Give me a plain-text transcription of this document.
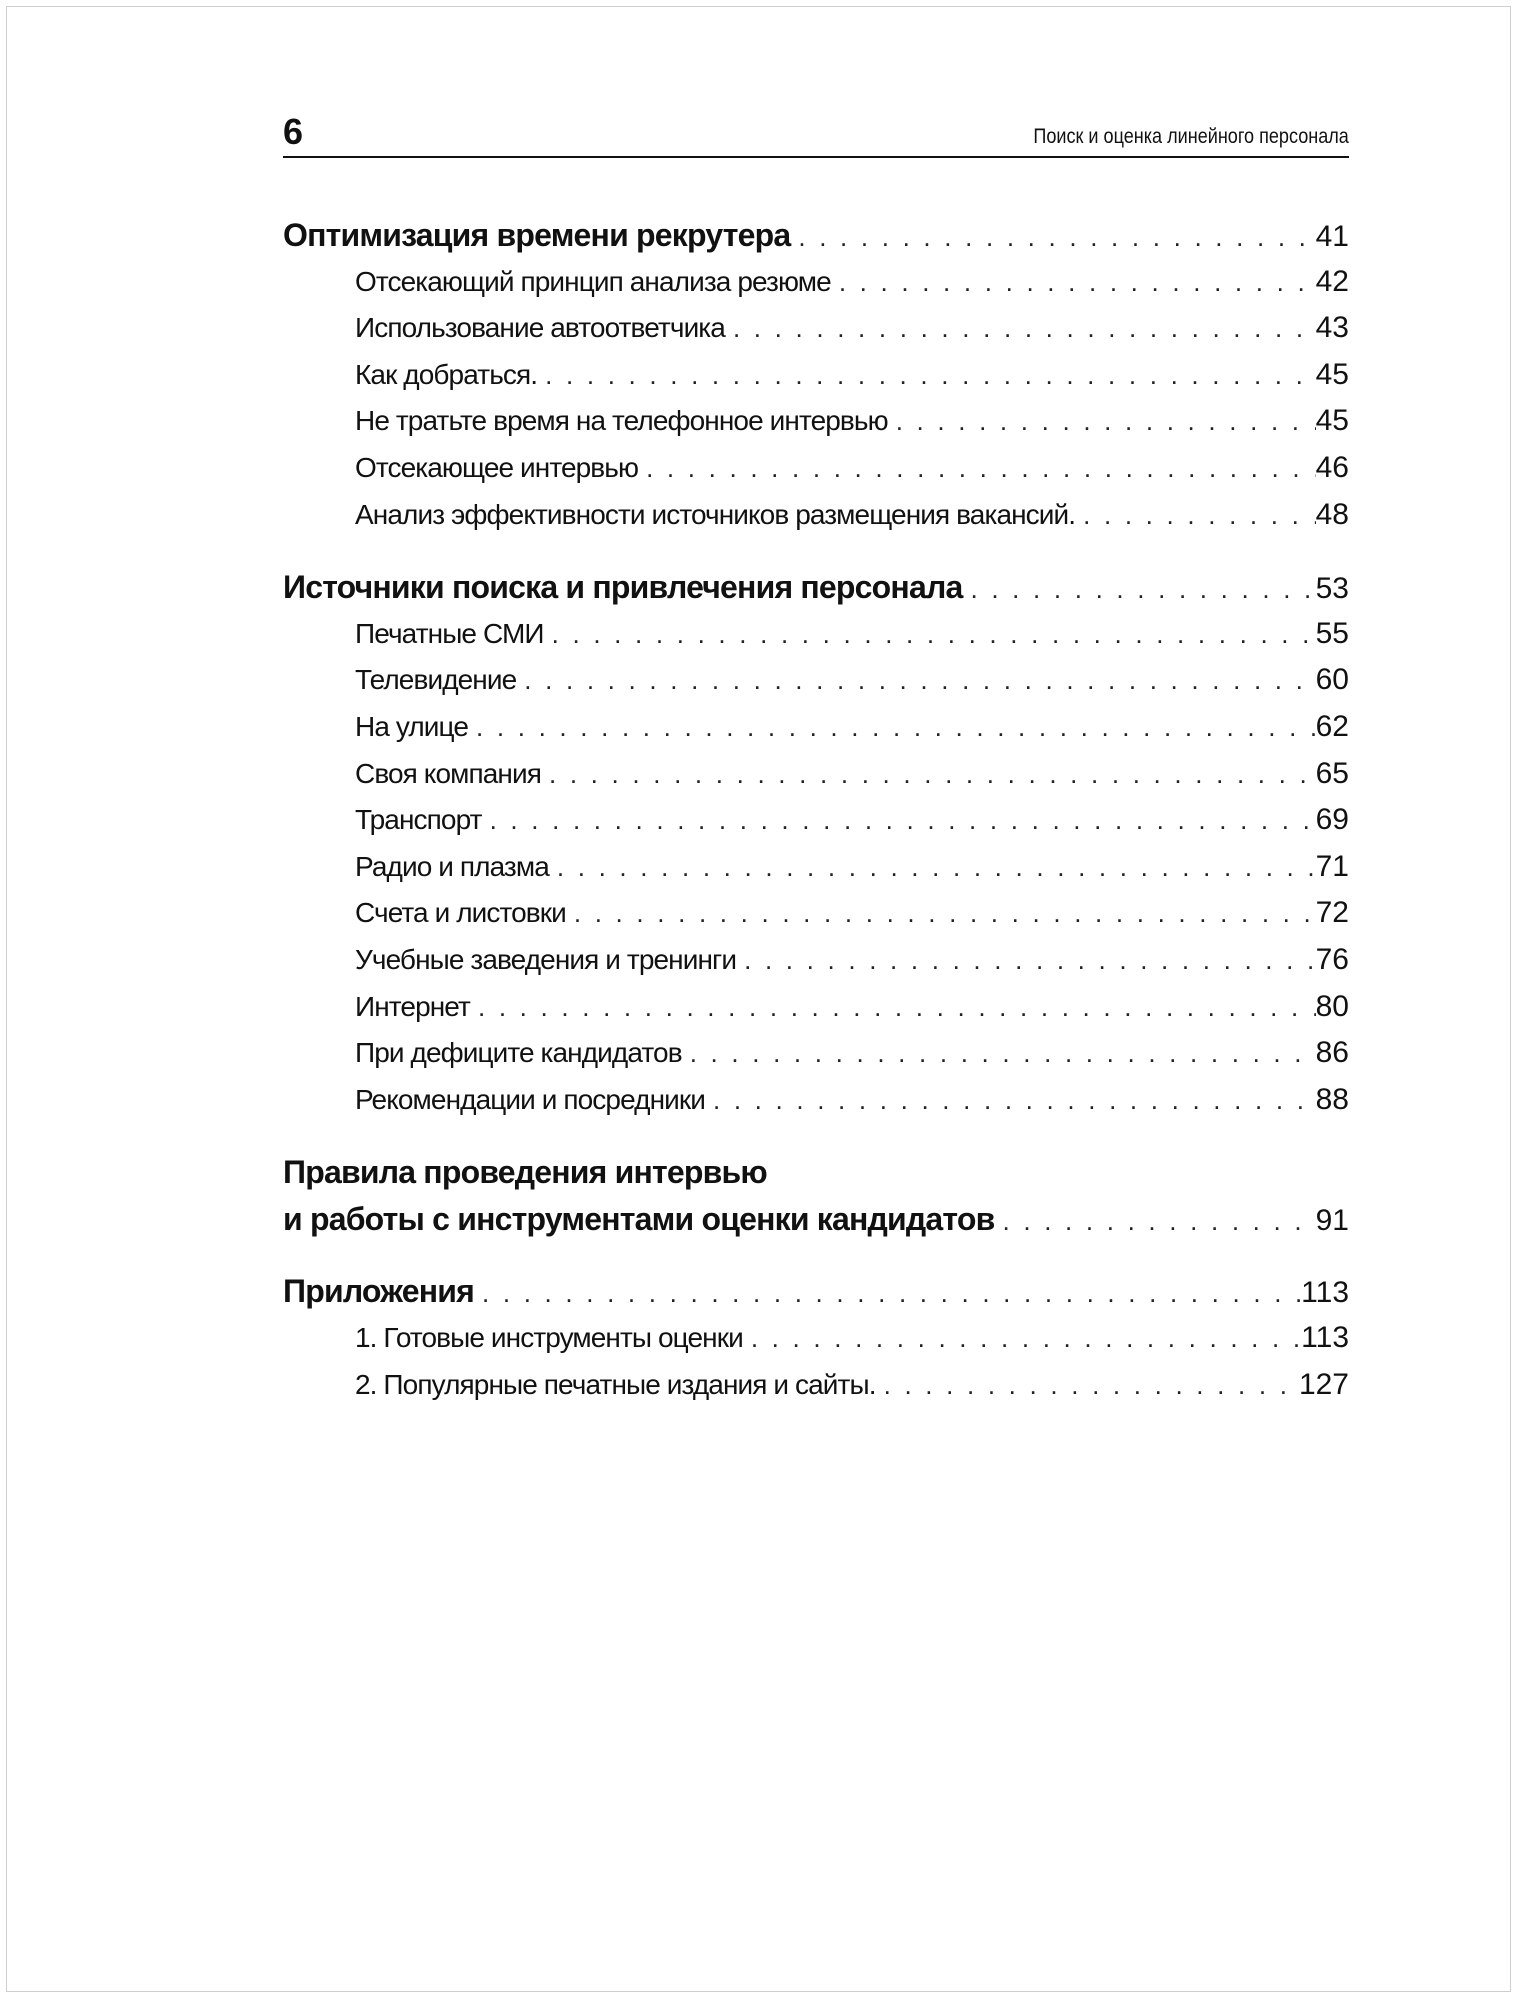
6	Поиск и оценка линейного персонала
Оптимизация времени рекрутера . . .	41
Отсекающий принцип анализа резюме . . .	42
Использование автоответчика . . .	43
Как добраться. . . .	45
Не тратьте время на телефонное интервью . . .	45
Отсекающее интервью . . .	46
Анализ эффективности источников размещения вакансий. . . .	48
Источники поиска и привлечения персонала . . .	53
Печатные СМИ . . .	55
Телевидение . . .	60
На улице . . .	62
Своя компания . . .	65
Транспорт . . .	69
Радио и плазма . . .	71
Счета и листовки . . .	72
Учебные заведения и тренинги . . .	76
Интернет . . .	80
При дефиците кандидатов . . .	86
Рекомендации и посредники . . .	88
Правила проведения интервью
и работы с инструментами оценки кандидатов . . .	91
Приложения . . .	113
1. Готовые инструменты оценки . . .	113
2. Популярные печатные издания и сайты. . . .	127
